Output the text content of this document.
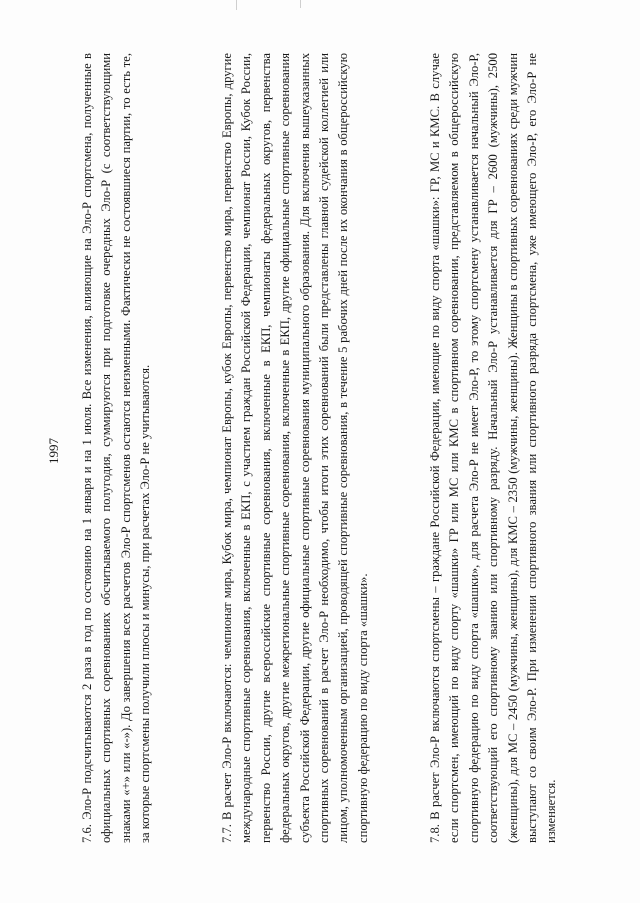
1997 7.6. Эло-Р подсчитываются 2 раза в год по состоянию на 1 января и на 1 июля. Все изменения, влияющие на Эло-Р спортсмена, полученные в официальных спортивных соревнованиях обсчитываемого полугодия, суммируются при подготовке очередных Эло-Р (с соответствующими знаками «+» или «-»). До завершения всех расчетов Эло-Р спортсменов остаются неизменными. Фактически не состоявшиеся партии, то есть те, за которые спортсмены получили плюсы и минусы, при расчетах Эло-Р не учитываются.	7.7. В расчет Эло-Р включаются: чемпионат мира, Кубок мира, чемпионат Европы, кубок Европы, первенство мира, первенство Европы, другие международные спортивные соревнования, включенные в ЕКП, с участием граждан Российской Федерации, чемпионат России, Кубок России, первенство России, другие всероссийские спортивные соревнования, включенные в ЕКП, чемпионаты федеральных округов, первенства федеральных округов, другие межрегиональные спортивные соревнования, включенные в ЕКП, другие официальные спортивные соревнования субъекта Российской Федерации, другие официальные спортивные соревнования муниципального образования. Для включения вышеуказанных спортивных соревнований в расчет Эло-Р необходимо, чтобы итоги этих соревнований были представлены главной судейской коллегией или лицом, уполномоченным организацией, проводящей спортивные соревнования, в течение 5 рабочих дней после их окончания в общероссийскую спортивную федерацию по виду спорта «шашки».	7.8. В расчет Эло-Р включаются спортсмены – граждане Российской Федерации, имеющие по виду спорта «шашки»: ГР, МС и КМС. В случае если спортсмен, имеющий по виду спорту «шашки» ГР или МС или КМС в спортивном соревновании, представляемом в общероссийскую спортивную федерацию по виду спорта «шашки», для расчета Эло-Р не имеет Эло-Р, то этому спортсмену устанавливается начальный Эло-Р, соответствующий его спортивному званию или спортивному разряду. Начальный Эло-Р устанавливается для ГР – 2600 (мужчины), 2500 (женщины), для МС – 2450 (мужчины, женщины), для КМС – 2350 (мужчины, женщины). Женщины в спортивных соревнованиях среди мужчин выступают со своим Эло-Р. При изменении спортивного звания или спортивного разряда спортсмена, уже имеющего Эло-Р, его Эло-Р не изменяется.
